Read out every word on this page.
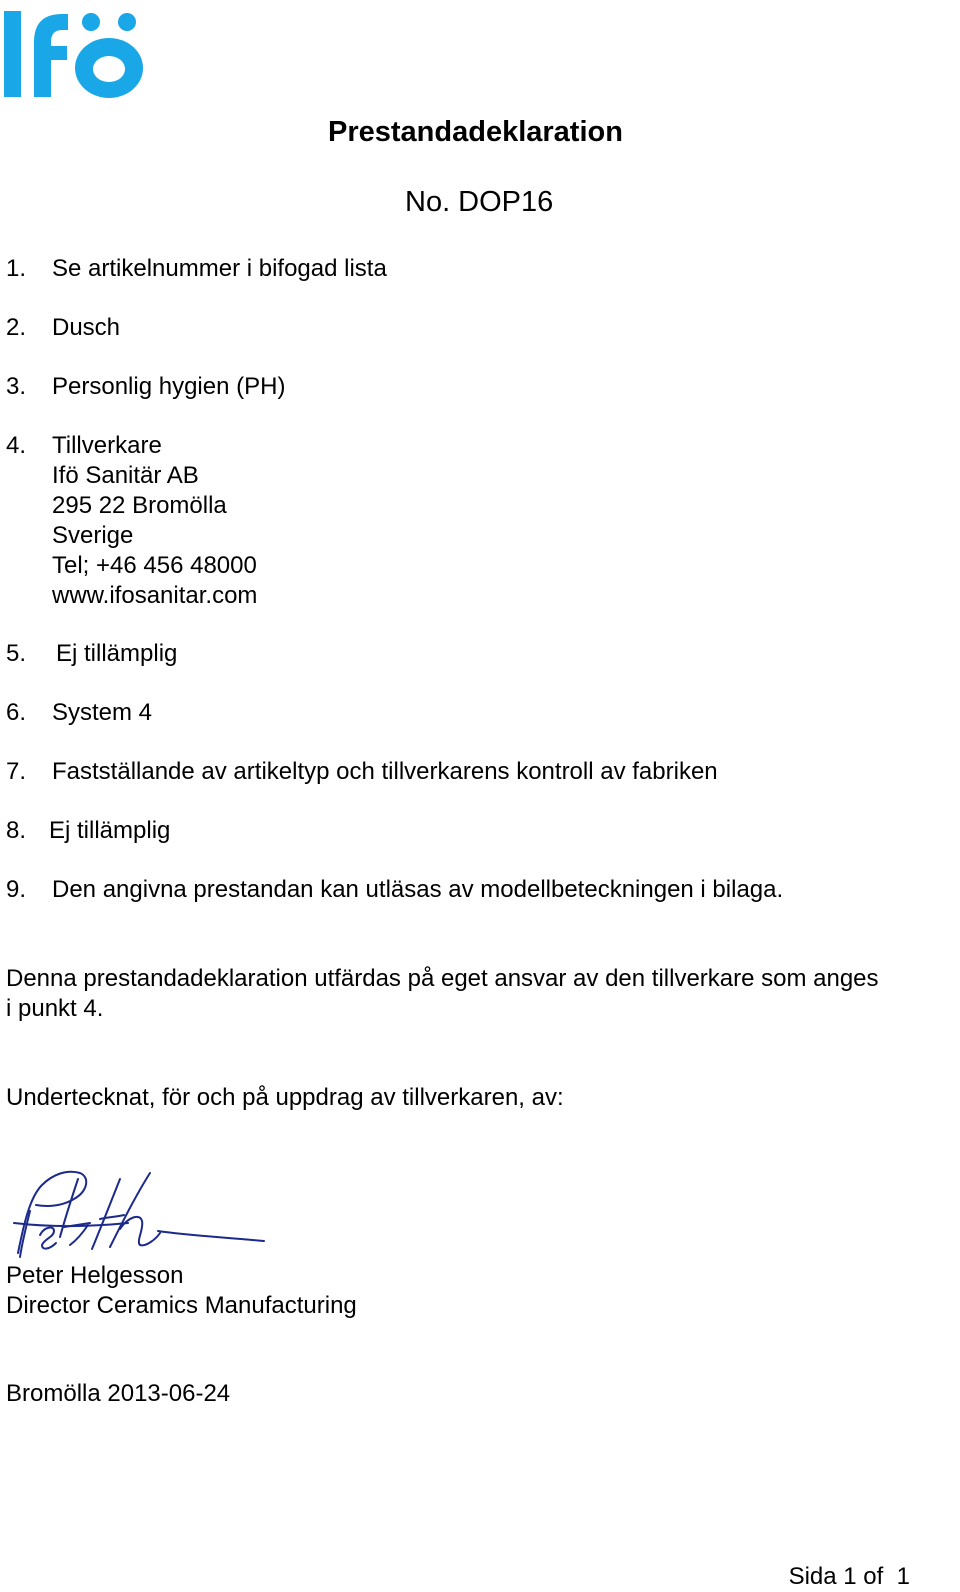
Prestandadeklaration
No. DOP16
1. Se artikelnummer i bifogad lista
2. Dusch
3. Personlig hygien (PH)
4. Tillverkare
Ifö Sanitär AB
295 22 Bromölla
Sverige
Tel; +46 456 48000
www.ifosanitar.com
5. Ej tillämplig
6. System 4
7. Fastställande av artikeltyp och tillverkarens kontroll av fabriken
8. Ej tillämplig
9. Den angivna prestandan kan utläsas av modellbeteckningen i bilaga.
Denna prestandadeklaration utfärdas på eget ansvar av den tillverkare som anges
i punkt 4.
Undertecknat, för och på uppdrag av tillverkaren, av:
Peter Helgesson
Director Ceramics Manufacturing
Bromölla 2013-06-24
Sida 1 of  1
